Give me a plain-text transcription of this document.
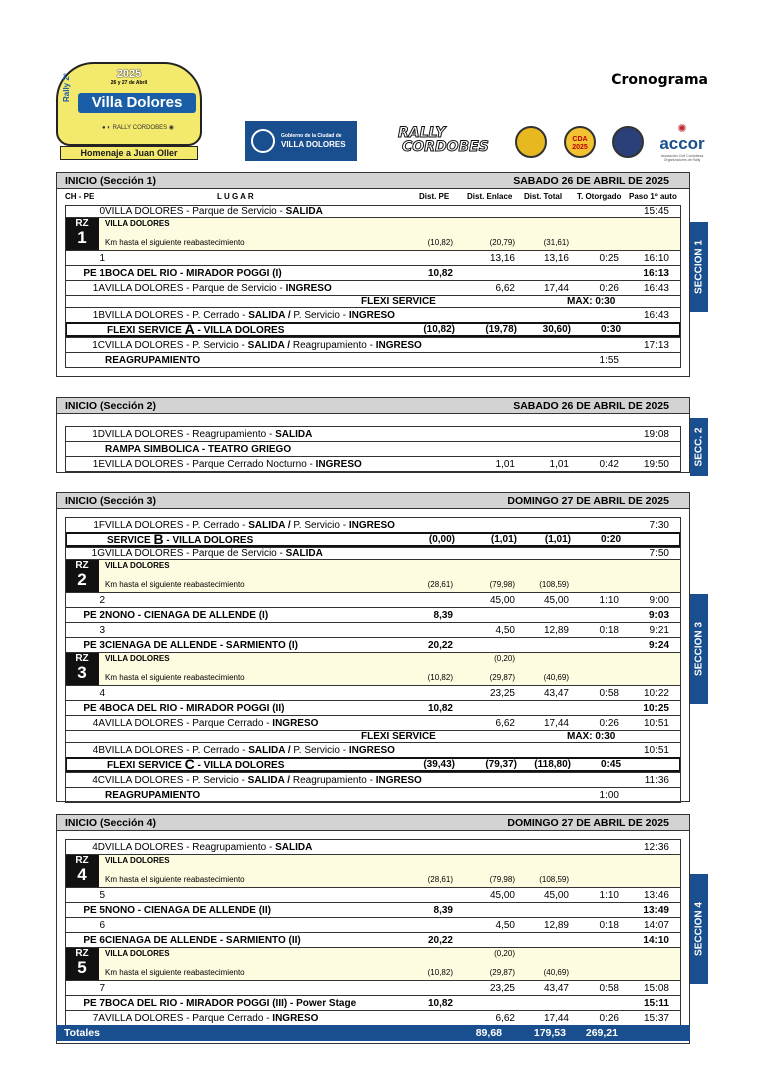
2025
26 y 27 de Abril
Rally 2º
Villa Dolores
● ◐ RALLY CORDOBES ◉
Homenaje a Juan Oller
Gobierno de la Ciudad de
VILLA DOLORES
RALLY
CORDOBES	CDA
2025
✺
accor
Asociación Civil Cordobesa Organizadores de Rally
Cronograma
INICIO (Sección 1)	SABADO 26 DE ABRIL DE 2025
CH - PE	L U G A R	Dist. PE Dist. Enlace Dist. Total T. Otorgado Paso 1º auto
0 VILLA DOLORES - Parque de Servicio - SALIDA	15:45
RZ
1
VILLA DOLORES
Km hasta el siguiente reabastecimiento	(10,82)	(20,79)	(31,61)
1	13,16	13,16	0:25	16:10
PE 1 BOCA DEL RIO - MIRADOR POGGI (I)	10,82	16:13
1A VILLA DOLORES - Parque de Servicio - INGRESO	6,62	17,44	0:26	16:43
FLEXI SERVICE	MAX: 0:30
1B VILLA DOLORES - P. Cerrado - SALIDA / P. Servicio - INGRESO	16:43
FLEXI SERVICE A - VILLA DOLORES	(10,82)	(19,78)	30,60)	0:30
1C VILLA DOLORES - P. Servicio - SALIDA / Reagrupamiento - INGRESO	17:13
REAGRUPAMIENTO	1:55
SECCION 1
INICIO (Sección 2)	SABADO 26 DE ABRIL DE 2025
1D VILLA DOLORES - Reagrupamiento - SALIDA	19:08
RAMPA SIMBOLICA - TEATRO GRIEGO
1E VILLA DOLORES - Parque Cerrado Nocturno - INGRESO	1,01	1,01	0:42	19:50 SECC. 2
INICIO (Sección 3)	DOMINGO 27 DE ABRIL DE 2025
1F VILLA DOLORES - P. Cerrado - SALIDA / P. Servicio - INGRESO	7:30
SERVICE B - VILLA DOLORES	(0,00)	(1,01)	(1,01)	0:20
1G VILLA DOLORES - Parque de Servicio - SALIDA	7:50
RZ
2
VILLA DOLORES
Km hasta el siguiente reabastecimiento	(28,61)	(79,98)	(108,59)
2	45,00	45,00	1:10	9:00
PE 2 NONO - CIENAGA DE ALLENDE (I)	8,39	9:03
3	4,50	12,89	0:18	9:21
PE 3 CIENAGA DE ALLENDE - SARMIENTO (I)	20,22	9:24
RZ
3
VILLA DOLORES
Km hasta el siguiente reabastecimiento	(10,82)	(29,87)	(40,69)
(0,20)
4	23,25	43,47	0:58	10:22
PE 4 BOCA DEL RIO - MIRADOR POGGI (II)	10,82	10:25
4A VILLA DOLORES - Parque Cerrado - INGRESO	6,62	17,44	0:26	10:51
FLEXI SERVICE	MAX: 0:30
4B VILLA DOLORES - P. Cerrado - SALIDA / P. Servicio - INGRESO	10:51
FLEXI SERVICE C - VILLA DOLORES	(39,43)	(79,37)	(118,80)	0:45
4C VILLA DOLORES - P. Servicio - SALIDA / Reagrupamiento - INGRESO	11:36
REAGRUPAMIENTO	1:00
SECCION 3
INICIO (Sección 4)	DOMINGO 27 DE ABRIL DE 2025
4D VILLA DOLORES - Reagrupamiento - SALIDA	12:36
RZ
4
VILLA DOLORES
Km hasta el siguiente reabastecimiento	(28,61)	(79,98)	(108,59)
5	45,00	45,00	1:10	13:46
PE 5 NONO - CIENAGA DE ALLENDE (II)	8,39	13:49
6	4,50	12,89	0:18	14:07
PE 6 CIENAGA DE ALLENDE - SARMIENTO (II)	20,22	14:10
RZ
5
VILLA DOLORES
Km hasta el siguiente reabastecimiento	(10,82)	(29,87)	(40,69)
(0,20)
7	23,25	43,47	0:58	15:08
PE 7 BOCA DEL RIO - MIRADOR POGGI (III) - Power Stage	10,82	15:11
7A VILLA DOLORES - Parque Cerrado - INGRESO	6,62	17,44	0:26	15:37
SECCION 4
Totales	89,68	179,53	269,21
